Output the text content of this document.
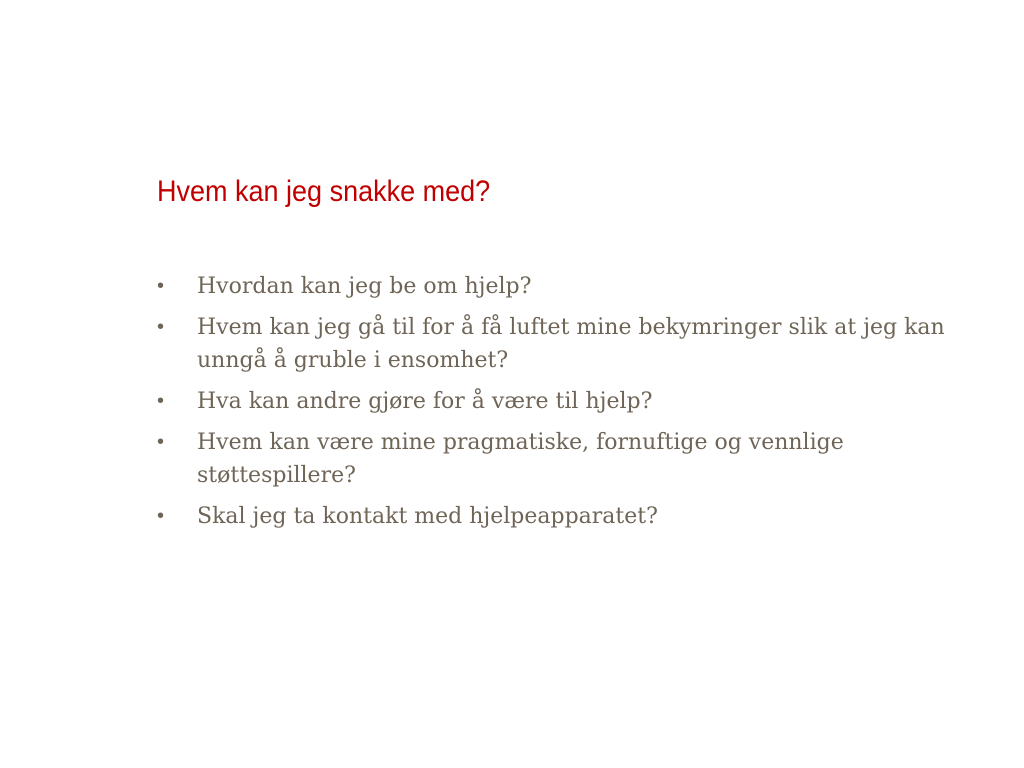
Hvem kan jeg snakke med?
•	Hvordan kan jeg be om hjelp?
•	Hvem kan jeg gå til for å få luftet mine bekymringer slik at jeg kan unngå å gruble i ensomhet?
•	Hva kan andre gjøre for å være til hjelp?
•	Hvem kan være mine pragmatiske, fornuftige og vennlige støttespillere?
•	Skal jeg ta kontakt med hjelpeapparatet?
